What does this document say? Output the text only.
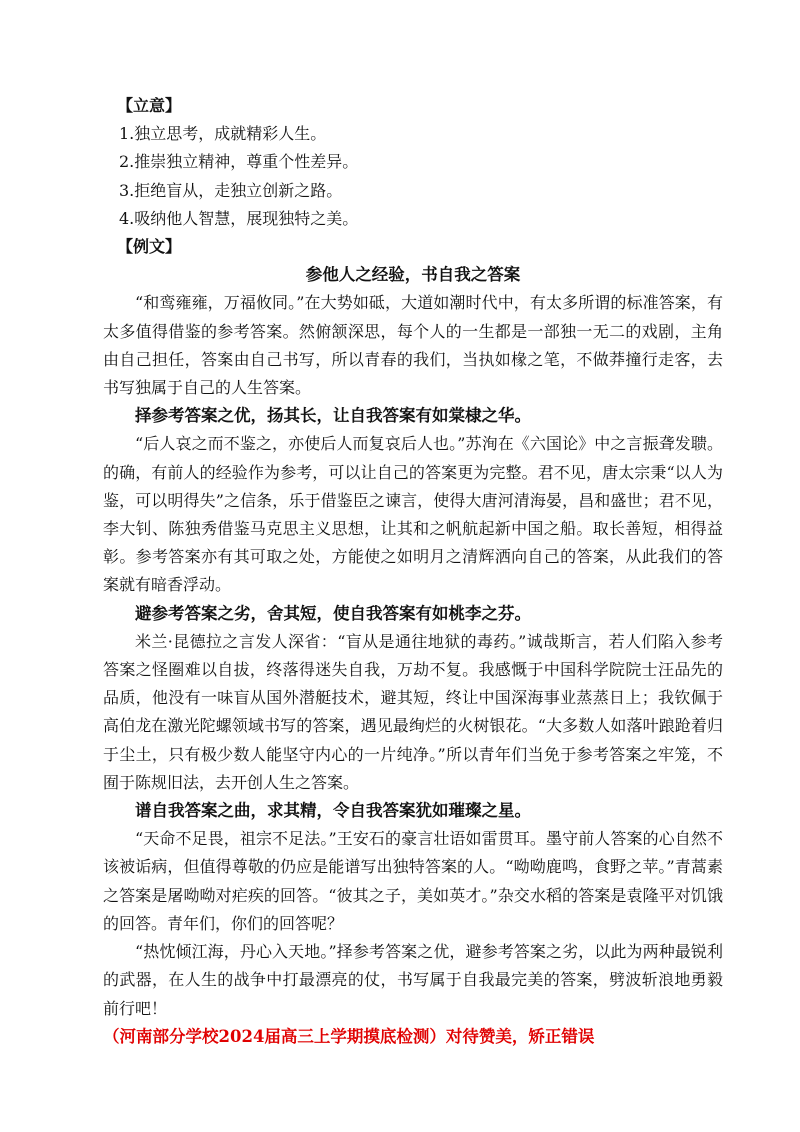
【立意】

1.独立思考，成就精彩人生。

2.推崇独立精神，尊重个性差异。

3.拒绝盲从，走独立创新之路。

4.吸纳他人智慧，展现独特之美。

【例文】

参他人之经验，书自我之答案

“和鸾雍雍，万福攸同。”在大势如砥，大道如潮时代中，有太多所谓的标准答案，有太多值得借鉴的参考答案。然俯颔深思，每个人的一生都是一部独一无二的戏剧，主角由自己担任，答案由自己书写，所以青春的我们，当执如椽之笔，不做莽撞行走客，去书写独属于自己的人生答案。

择参考答案之优，扬其长，让自我答案有如棠棣之华。

“后人哀之而不鉴之，亦使后人而复哀后人也。”苏洵在《六国论》中之言振聋发聩。的确，有前人的经验作为参考，可以让自己的答案更为完整。君不见，唐太宗秉“以人为鉴，可以明得失”之信条，乐于借鉴臣之谏言，使得大唐河清海晏，昌和盛世；君不见，李大钊、陈独秀借鉴马克思主义思想，让其和之帆航起新中国之船。取长善短，相得益彰。参考答案亦有其可取之处，方能使之如明月之清辉洒向自己的答案，从此我们的答案就有暗香浮动。

避参考答案之劣，舍其短，使自我答案有如桃李之芬。

米兰·昆德拉之言发人深省：“盲从是通往地狱的毒药。”诚哉斯言，若人们陷入参考答案之怪圈难以自拔，终落得迷失自我，万劫不复。我感慨于中国科学院院士汪品先的品质，他没有一味盲从国外潜艇技术，避其短，终让中国深海事业蒸蒸日上；我钦佩于高伯龙在激光陀螺领域书写的答案，遇见最绚烂的火树银花。“大多数人如落叶踉跄着归于尘土，只有极少数人能坚守内心的一片纯净。”所以青年们当免于参考答案之牢笼，不囿于陈规旧法，去开创人生之答案。

谱自我答案之曲，求其精，令自我答案犹如璀璨之星。

“天命不足畏，祖宗不足法。”王安石的豪言壮语如雷贯耳。墨守前人答案的心自然不该被诟病，但值得尊敬的仍应是能谱写出独特答案的人。“呦呦鹿鸣，食野之苹。”青蒿素之答案是屠呦呦对疟疾的回答。“彼其之子，美如英才。”杂交水稻的答案是袁隆平对饥饿的回答。青年们，你们的回答呢？

“热忱倾江海，丹心入天地。”择参考答案之优，避参考答案之劣，以此为两种最锐利的武器，在人生的战争中打最漂亮的仗，书写属于自我最完美的答案，劈波斩浪地勇毅前行吧！

（河南部分学校2024届高三上学期摸底检测）对待赞美，矫正错误
